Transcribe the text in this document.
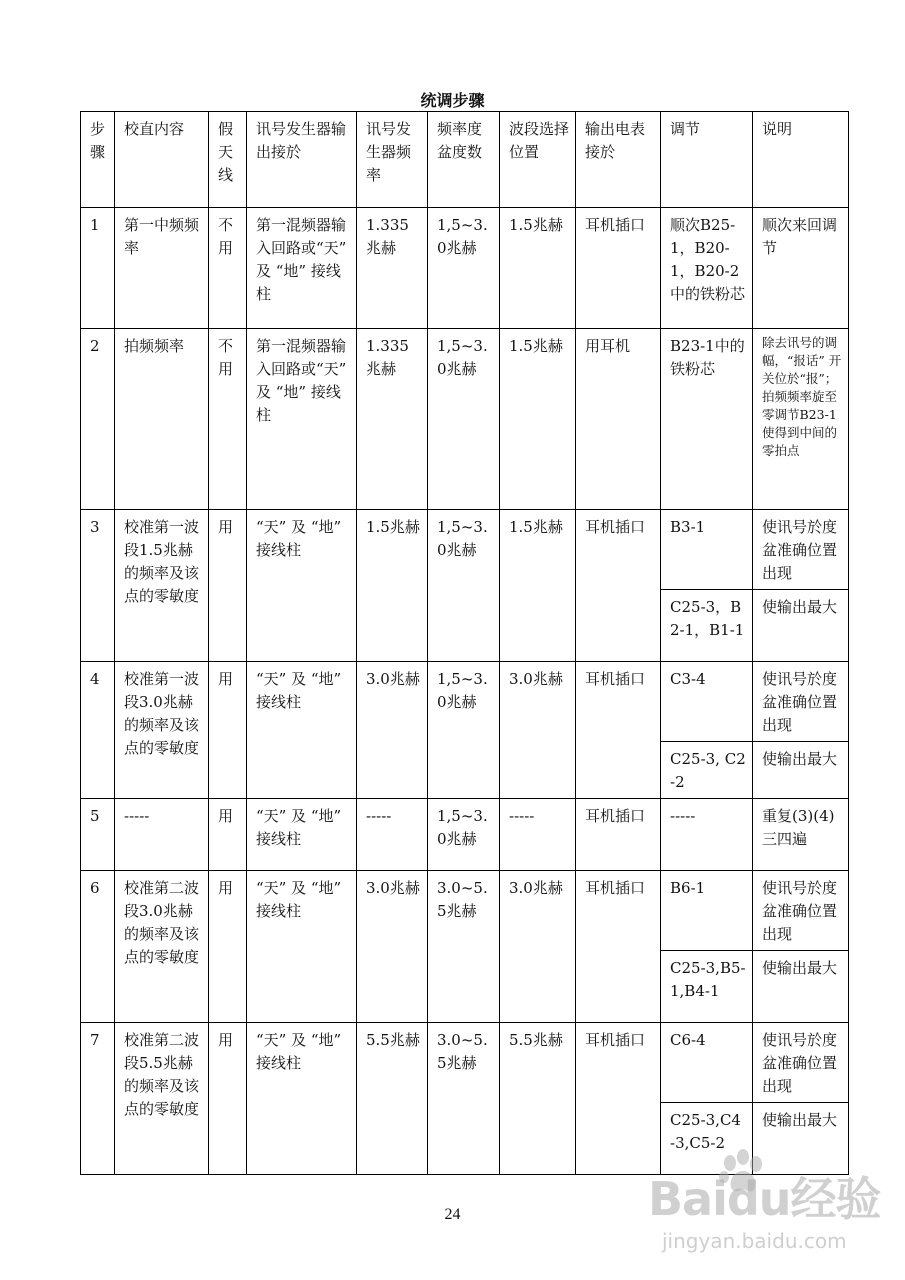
统调步骤
步骤	校直内容	假天线	讯号发生器输出接於	讯号发生器频率	频率度盆度数	波段选择位置	输出电表接於	调节	说明
1	第一中频频率	不用	第一混频器输入回路或“天” 及 “地” 接线柱	1.335兆赫	1,5~3.0兆赫	1.5兆赫	耳机插口	顺次B25-1，B20-1，B20-2中的铁粉芯	顺次来回调节
2	拍频频率	不用	第一混频器输入回路或“天” 及 “地” 接线柱	1.335兆赫	1,5~3.0兆赫	1.5兆赫	用耳机	B23-1中的铁粉芯	除去讯号的调幅，“报话” 开关位於“报”；拍频频率旋至零调节B23-1使得到中间的零拍点
3	校准第一波段1.5兆赫的频率及该点的零敏度	用	“天” 及 “地” 接线柱	1.5兆赫	1,5~3.0兆赫	1.5兆赫	耳机插口	B3-1	使讯号於度盆准确位置出现
								C25-3，B2-1，B1-1	使输出最大
4	校准第一波段3.0兆赫的频率及该点的零敏度	用	“天” 及 “地” 接线柱	3.0兆赫	1,5~3.0兆赫	3.0兆赫	耳机插口	C3-4	使讯号於度盆准确位置出现
								C25-3, C2-2	使输出最大
5	-----	用	“天” 及 “地” 接线柱	-----	1,5~3.0兆赫	-----	耳机插口	-----	重复(3)(4)三四遍
6	校准第二波段3.0兆赫的频率及该点的零敏度	用	“天” 及 “地” 接线柱	3.0兆赫	3.0~5.5兆赫	3.0兆赫	耳机插口	B6-1	使讯号於度盆准确位置出现
								C25-3,B5-1,B4-1	使输出最大
7	校准第二波段5.5兆赫的频率及该点的零敏度	用	“天” 及 “地” 接线柱	5.5兆赫	3.0~5.5兆赫	5.5兆赫	耳机插口	C6-4	使讯号於度盆准确位置出现
								C25-3,C4-3,C5-2	使输出最大
24	Baidu经验
jingyan.baidu.com
